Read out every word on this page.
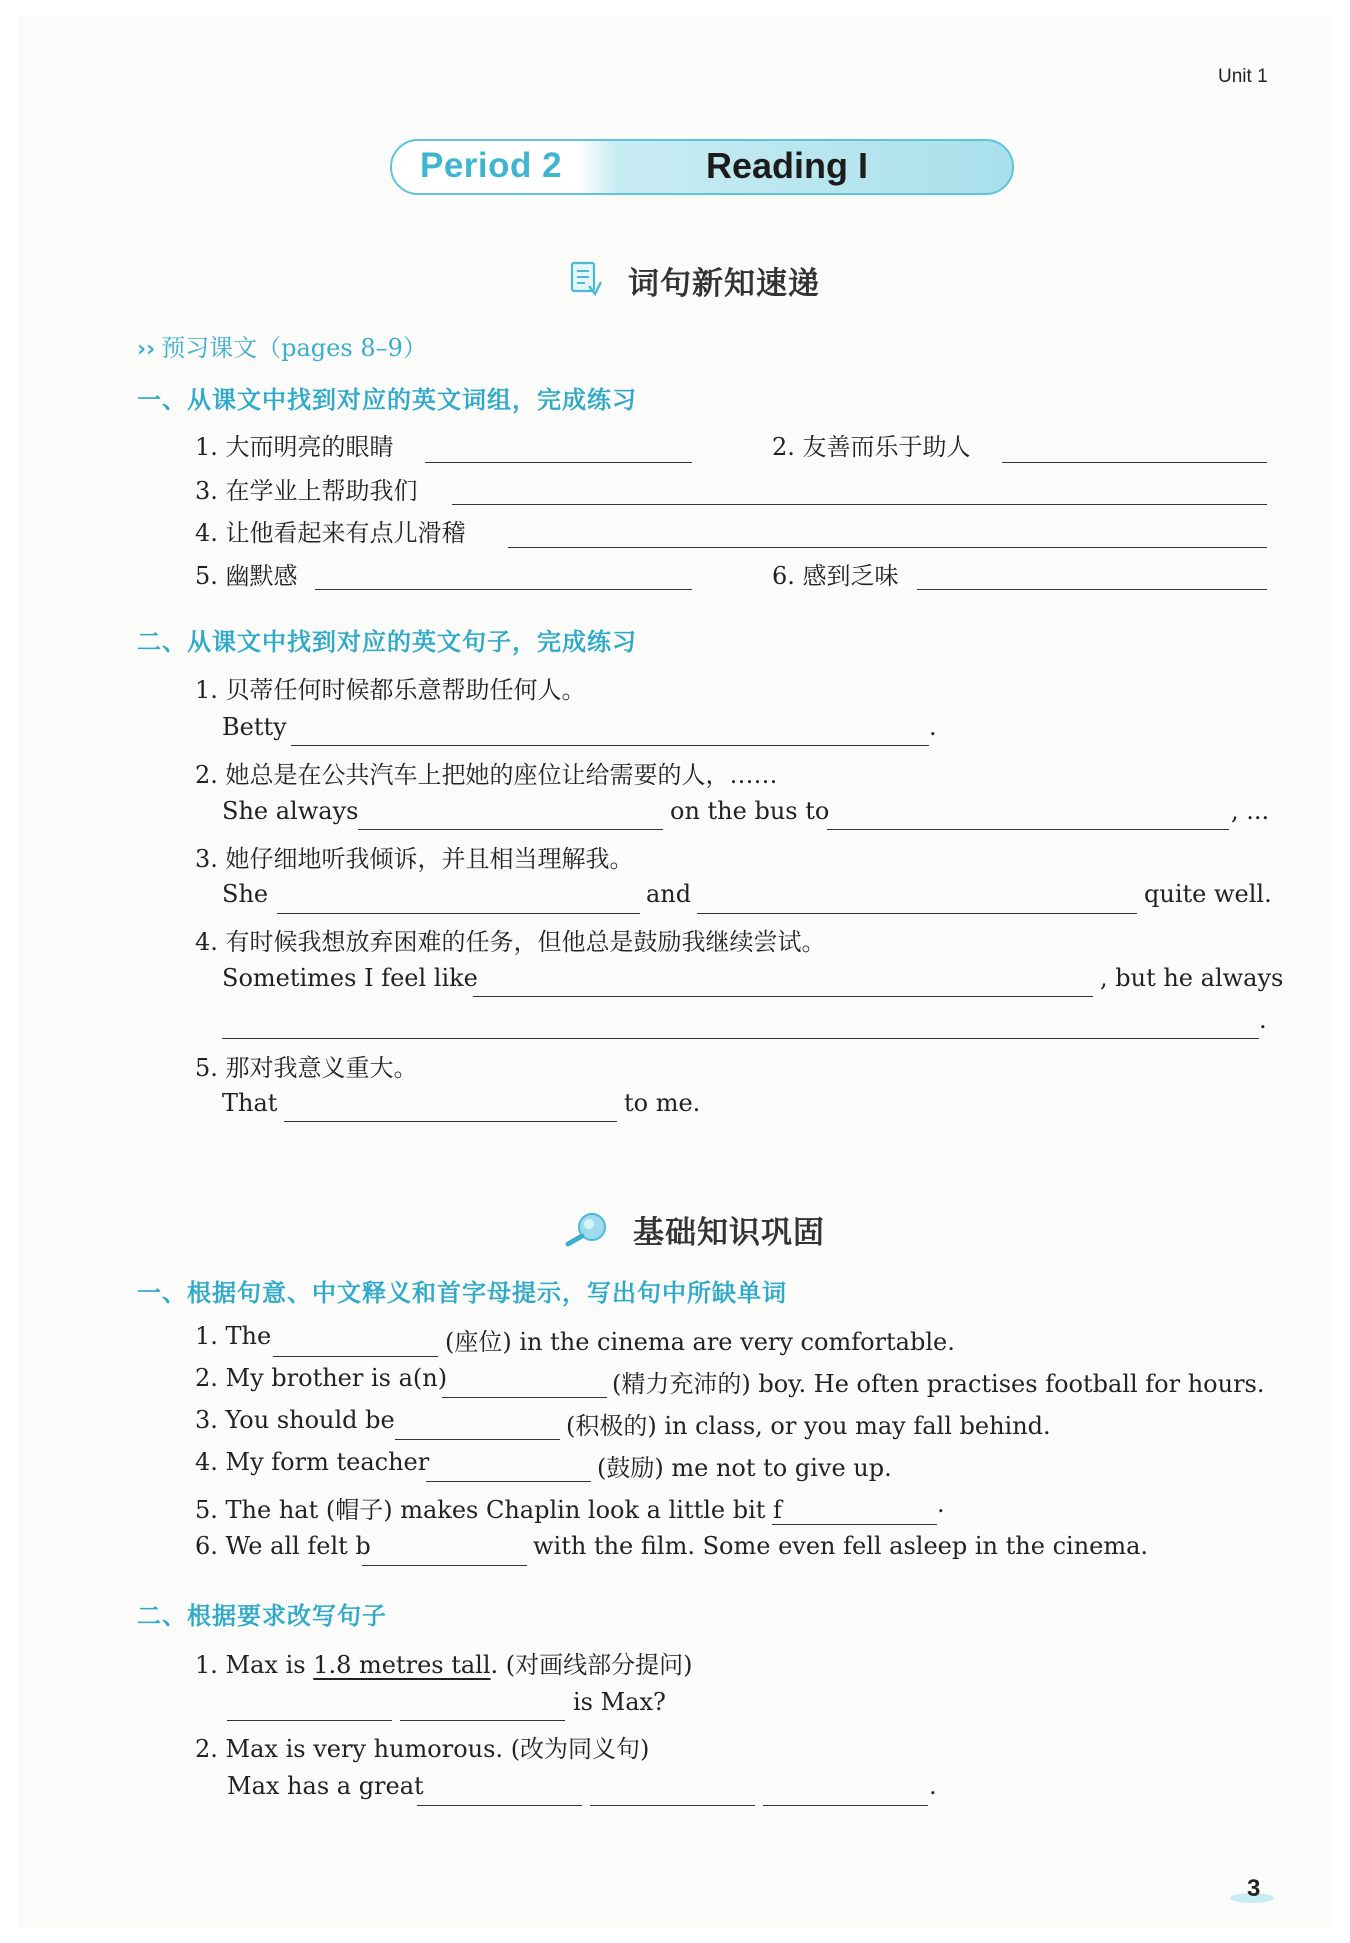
Unit 1
Period 2	Reading I
词句新知速递
›› 预习课文（pages 8–9）
一、从课文中找到对应的英文词组，完成练习
1. 大而明亮的眼睛	2. 友善而乐于助人
3. 在学业上帮助我们
4. 让他看起来有点儿滑稽
5. 幽默感	6. 感到乏味
二、从课文中找到对应的英文句子，完成练习
1. 贝蒂任何时候都乐意帮助任何人。
Betty	.
2. 她总是在公共汽车上把她的座位让给需要的人，……
She always	on the bus to	, ...
3. 她仔细地听我倾诉，并且相当理解我。
She	and	quite well.
4. 有时候我想放弃困难的任务，但他总是鼓励我继续尝试。
Sometimes I feel like	, but he always
.
5. 那对我意义重大。
That	to me.
基础知识巩固
一、根据句意、中文释义和首字母提示，写出句中所缺单词
1. The	(座位) in the cinema are very comfortable.
2. My brother is a(n)	(精力充沛的) boy. He often practises football for hours.
3. You should be	(积极的) in class, or you may fall behind.
4. My form teacher	(鼓励) me not to give up.
5. The hat (帽子) makes Chaplin look a little bit f	.
6. We all felt b	with the film. Some even fell asleep in the cinema.
二、根据要求改写句子
1. Max is 1.8 metres tall. (对画线部分提问)
is Max?
2. Max is very humorous. (改为同义句)
Max has a great	.
3
